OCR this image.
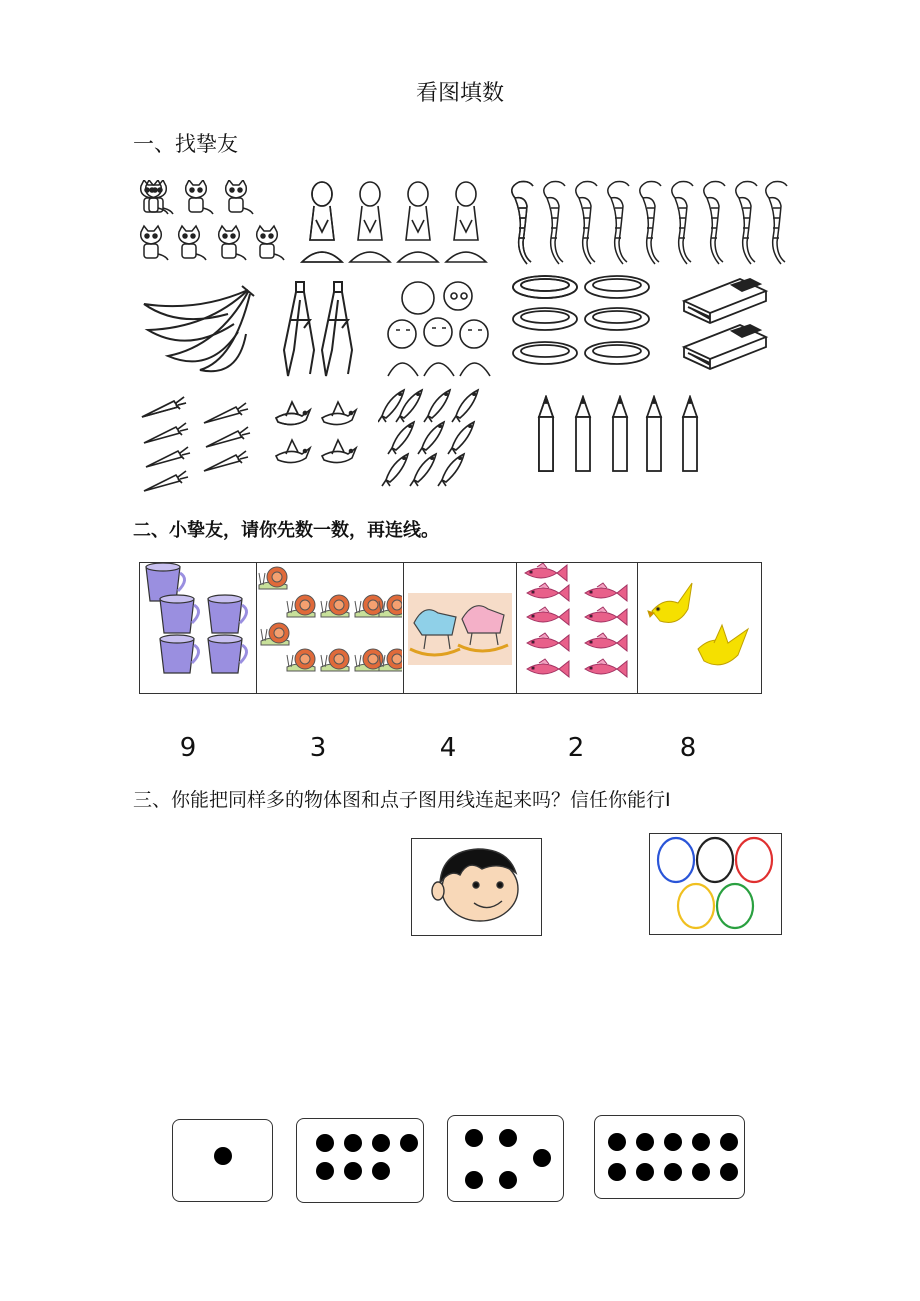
看图填数
一、找挚友
二、小挚友，请你先数一数，再连线。
9	3	4	2	8
三、你能把同样多的物体图和点子图用线连起来吗？信任你能行I
